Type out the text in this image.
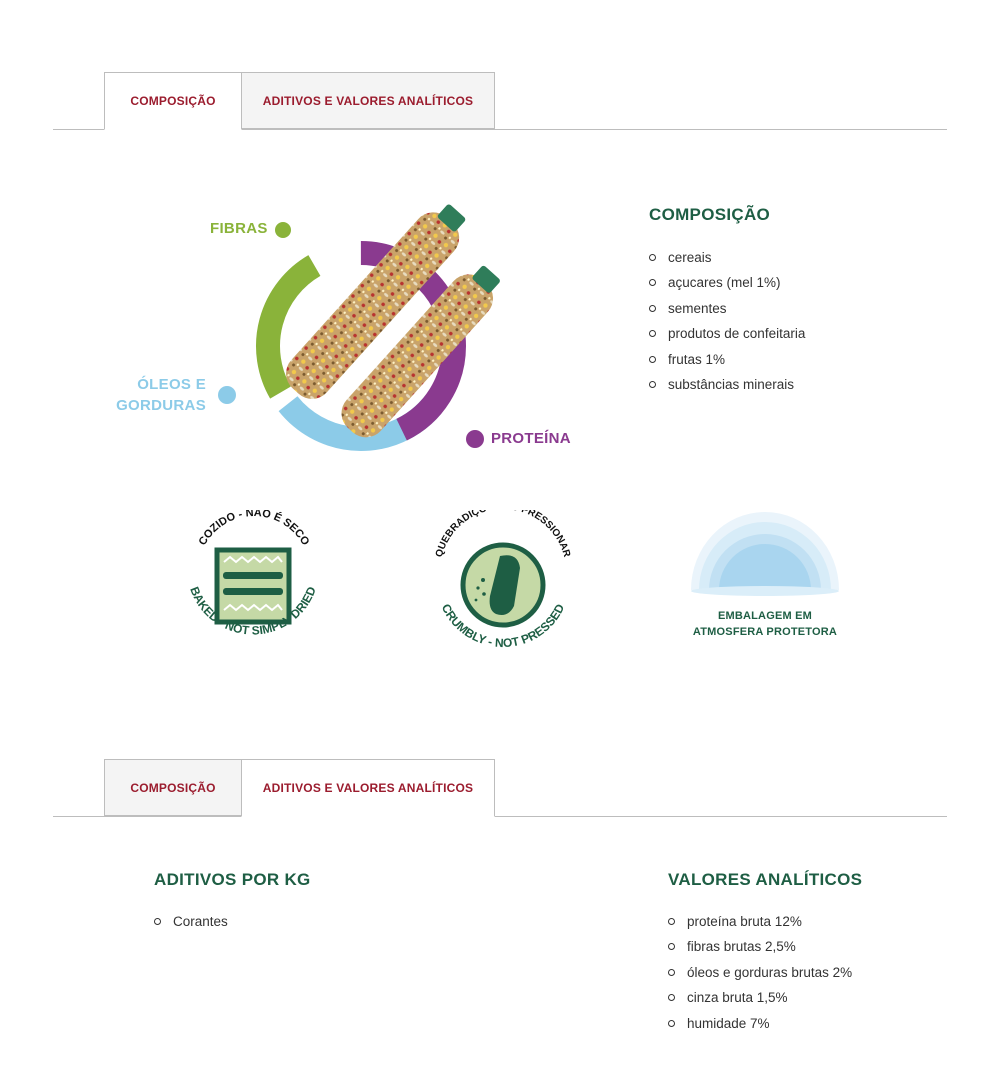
COMPOSIÇÃO	ADITIVOS E VALORES ANALÍTICOS
FIBRAS
ÓLEOS E
GORDURAS
PROTEÍNA
COMPOSIÇÃO
cereais
açucares (mel 1%)
sementes
produtos de confeitaria
frutas 1%
substâncias minerais
COZIDO - NÃO É SECO
BAKED - NOT SIMPLY DRIED
QUEBRADIÇ PRESSIONAR
CRUMBLY - NOT PRESSED
EMBALAGEM EM
ATMOSFERA PROTETORA
COMPOSIÇÃO	ADITIVOS E VALORES ANALÍTICOS
ADITIVOS POR KG
Corantes
VALORES ANALÍTICOS
proteína bruta 12%
fibras brutas 2,5%
óleos e gorduras brutas 2%
cinza bruta 1,5%
humidade 7%
